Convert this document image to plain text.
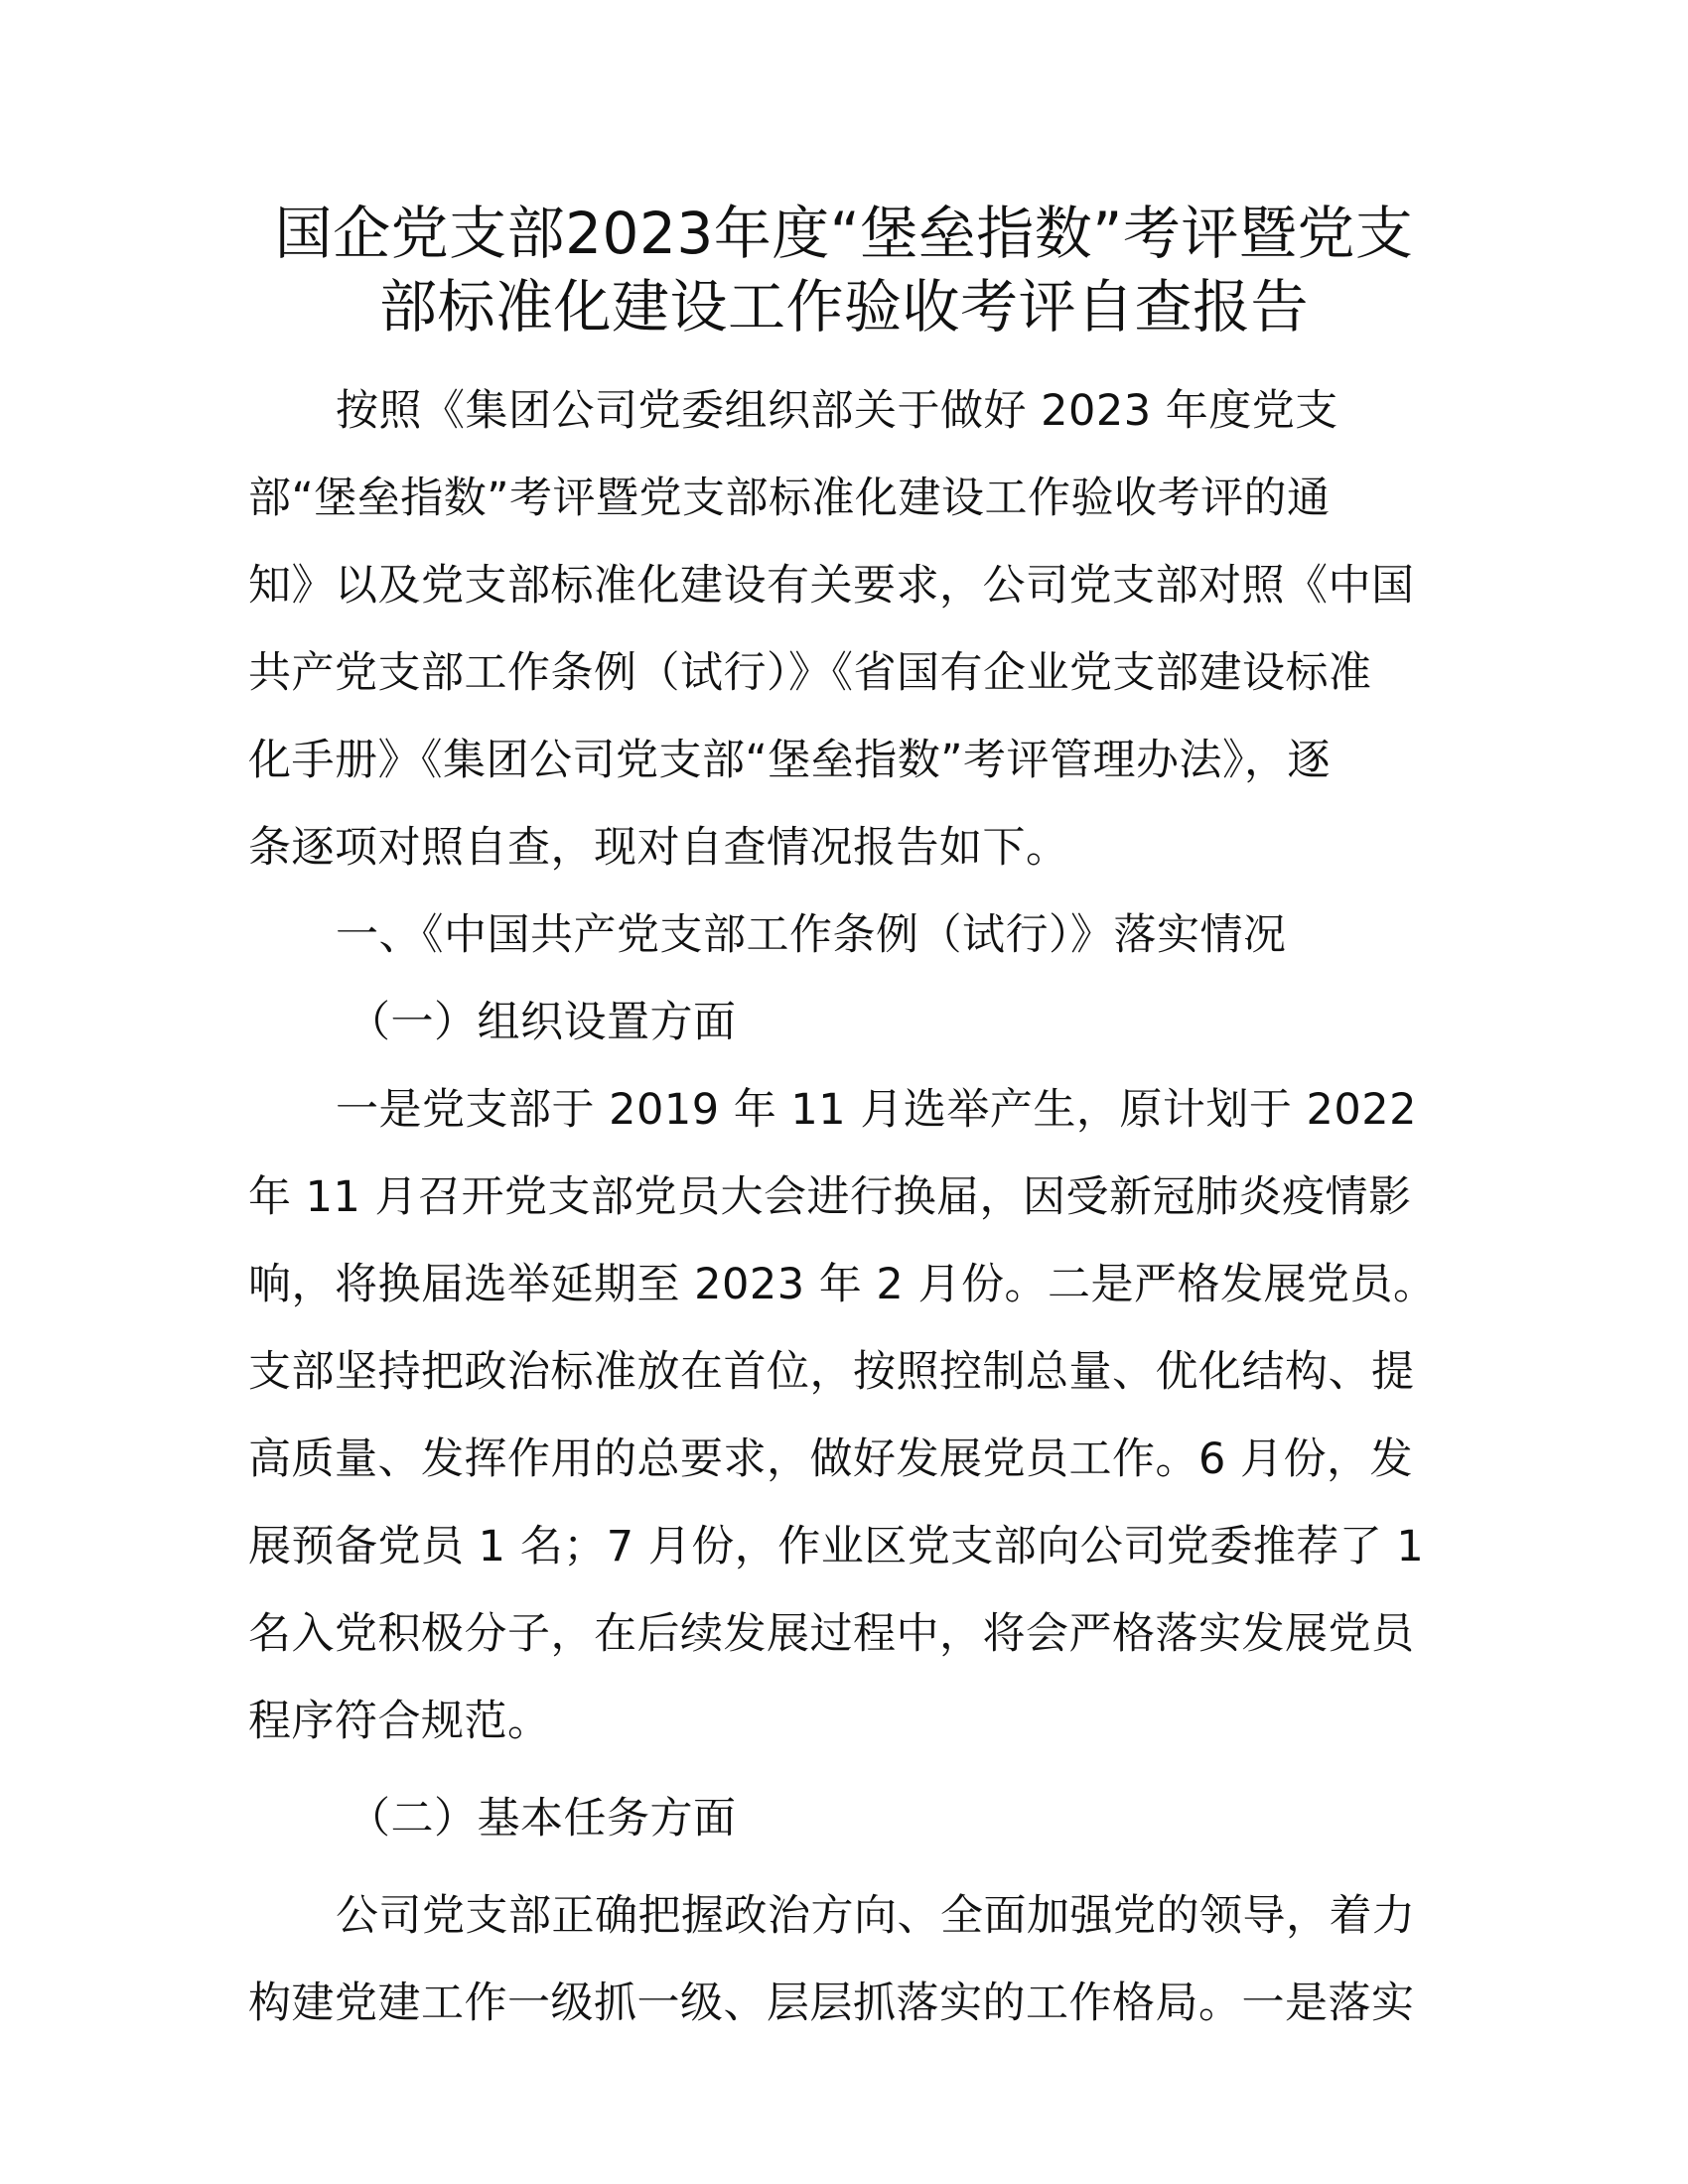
国企党支部2023年度“堡垒指数”考评暨党支
部标准化建设工作验收考评自查报告

按照《集团公司党委组织部关于做好 2023 年度党支
部“堡垒指数”考评暨党支部标准化建设工作验收考评的通
知》以及党支部标准化建设有关要求，公司党支部对照《中国
共产党支部工作条例（试行）》《省国有企业党支部建设标准
化手册》《集团公司党支部“堡垒指数”考评管理办法》，逐
条逐项对照自查，现对自查情况报告如下。

一、《中国共产党支部工作条例（试行）》落实情况

（一）组织设置方面

一是党支部于 2019 年 11 月选举产生，原计划于 2022
年 11 月召开党支部党员大会进行换届，因受新冠肺炎疫情影
响，将换届选举延期至 2023 年 2 月份。二是严格发展党员。
支部坚持把政治标准放在首位，按照控制总量、优化结构、提
高质量、发挥作用的总要求，做好发展党员工作。6 月份，发
展预备党员 1 名；7 月份，作业区党支部向公司党委推荐了 1
名入党积极分子，在后续发展过程中，将会严格落实发展党员
程序符合规范。

（二）基本任务方面

公司党支部正确把握政治方向、全面加强党的领导，着力
构建党建工作一级抓一级、层层抓落实的工作格局。一是落实
